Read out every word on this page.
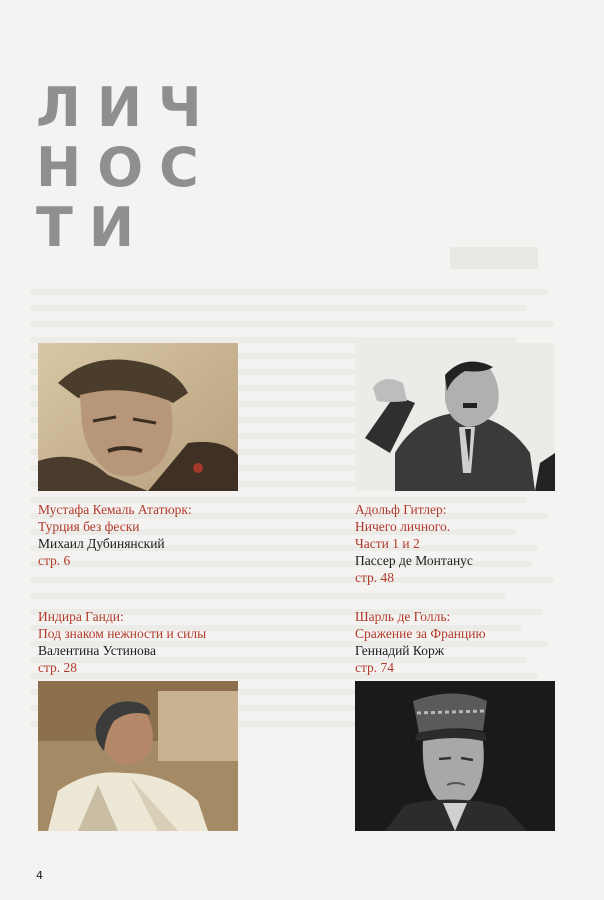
ЛИЧ
НОС
ТИ
Мустафа Кемаль Ататюрк:
Турция без фески
Михаил Дубинянский
стр. 6
Адольф Гитлер:
Ничего личного.
Части 1 и 2
Пассер де Монтанус
стр. 48
Индира Ганди:
Под знаком нежности и силы
Валентина Устинова
стр. 28
Шарль де Голль:
Сражение за Францию
Геннадий Корж
стр. 74
4
